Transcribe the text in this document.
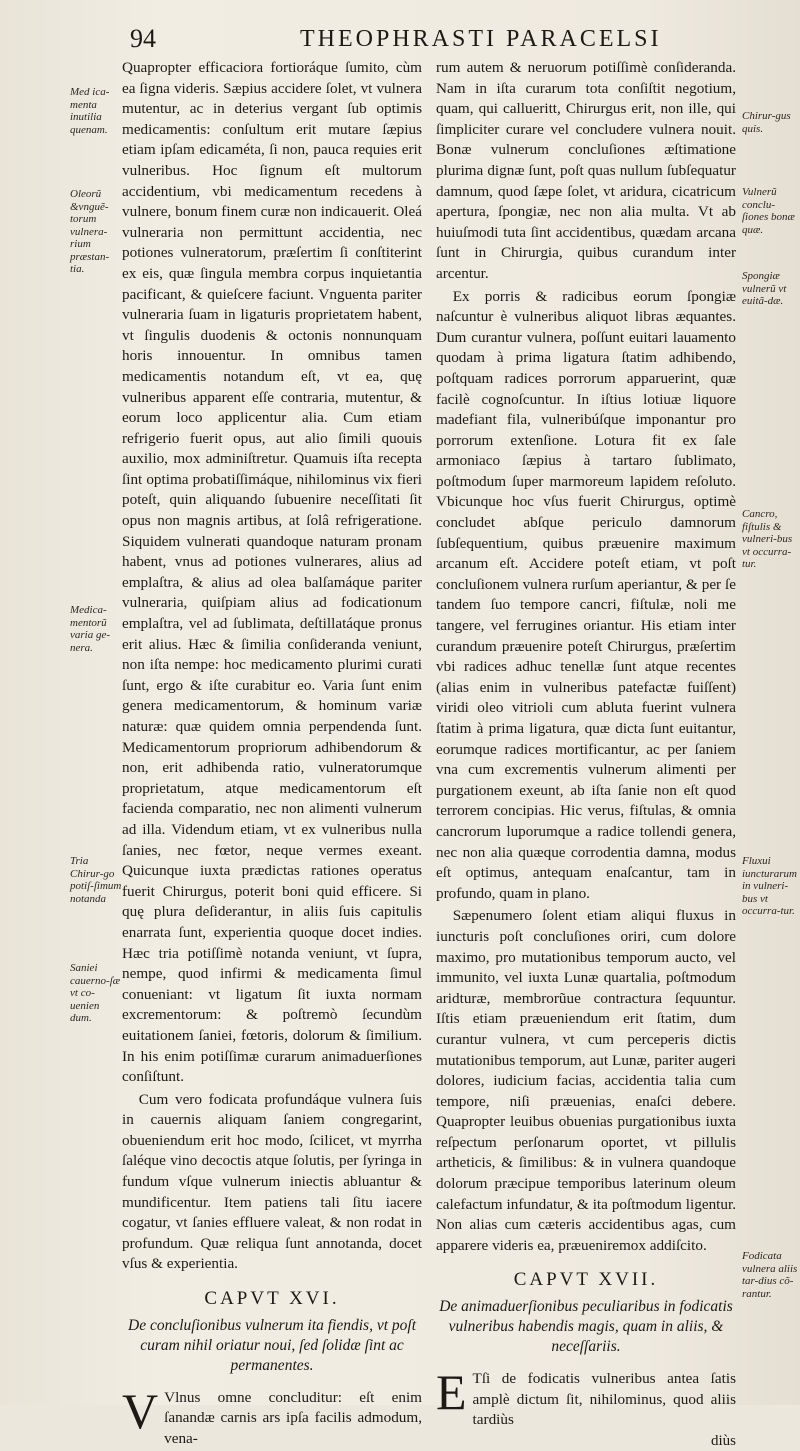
94	THEOPHRASTI PARACELSI
Med ica-menta inutilia quenam.
Oleorũ &vnguẽ-torum vulnera-rium præstan-tia.
Medica-mentorũ varia ge-nera.
Tria Chirur-go potiſ-ſimum notanda
Saniei cauerno-ſæ vt co-uenien dum.
Chirur-gus quis.
Vulnerũ conclu-ſiones bonæ quæ.
Spongiæ vulnerũ vt euitã-dæ.
Cancro, fiſtulis & vulneri-bus vt occurra-tur.
Fluxui iuncturarum in vulneri-bus vt occurra-tur.
Fodicata vulnera aliis tar-dius cõ-rantur.

Quapropter efficaciora fortioráque ſumito, cùm ea ſigna videris. Sæpius accidere ſolet, vt vulnera mutentur, ac in deterius vergant ſub optimis medicamentis: conſultum erit mutare ſæpius etiam ipſam edicaméta, ſi non, pauca requies erit vulneribus. Hoc ſignum eſt multorum accidentium, vbi medicamentum recedens à vulnere, bonum finem curæ non indicauerit. Oleá vulneraria non permittunt accidentia, nec potiones vulneratorum, præſertim ſi conſtiterint ex eis, quæ ſingula membra corpus inquietantia pacificant, & quieſcere faciunt. Vnguenta pariter vulneraria ſuam in ligaturis proprietatem habent, vt ſingulis duodenis & octonis nonnunquam horis innouentur. In omnibus tamen medicamentis notandum eſt, vt ea, quę vulneribus apparent eſſe contraria, mutentur, & eorum loco applicentur alia. Cum etiam refrigerio fuerit opus, aut alio ſimili quouis auxilio, mox adminiſtretur. Quamuis iſta recepta ſint optima probatiſſimáque, nihilominus vix fieri poteſt, quin aliquando ſubuenire neceſſitati ſit opus non magnis artibus, at ſolâ refrigeratione. Siquidem vulnerati quandoque naturam pronam habent, vnus ad potiones vulnerares, alius ad emplaſtra, & alius ad olea balſamáque pariter vulneraria, quiſpiam alius ad fodicationum emplaſtra, vel ad ſublimata, deſtillatáque pronus erit alius. Hæc & ſimilia conſideranda veniunt, non iſta nempe: hoc medicamento plurimi curati ſunt, ergo & iſte curabitur eo. Varia ſunt enim genera medicamentorum, & hominum variæ naturæ: quæ quidem omnia perpendenda ſunt. Medicamentorum propriorum adhibendorum & non, erit adhibenda ratio, vulneratorumque proprietatum, atque medicamentorum eſt facienda comparatio, nec non alimenti vulnerum ad illa. Videndum etiam, vt ex vulneribus nulla ſanies, nec fœtor, neque vermes exeant. Quicunque iuxta prædictas rationes operatus fuerit Chirurgus, poterit boni quid efficere. Si quę plura deſiderantur, in aliis ſuis capitulis enarrata ſunt, experientia quoque docet indies. Hæc tria potiſſimè notanda veniunt, vt ſupra, nempe, quod infirmi & medicamenta ſimul conueniant: vt ligatum ſit iuxta normam excrementorum: & poſtremò ſecundùm euitationem ſaniei, fœtoris, dolorum & ſimilium. In his enim potiſſimæ curarum animaduerſiones conſiſtunt.

Cum vero fodicata profundáque vulnera ſuis in cauernis aliquam ſaniem congregarint, obueniendum erit hoc modo, ſcilicet, vt myrrha ſaléque vino decoctis atque ſolutis, per ſyringa in fundum vſque vulnerum iniectis abluantur & mundificentur. Item patiens tali ſitu iacere cogatur, vt ſanies effluere valeat, & non rodat in profundum. Quæ reliqua ſunt annotanda, docet vſus & experientia.

CAPVT XVI.
De concluſionibus vulnerum ita fiendis, vt poſt curam nihil oriatur noui, ſed ſolidæ ſint ac permanentes.

V Vlnus omne concluditur: eſt enim ſanandæ carnis ars ipſa facilis admodum, vena-

rum autem & neruorum potiſſimè conſideranda. Nam in iſta curarum tota conſiſtit negotium, quam, qui callueritt, Chirurgus erit, non ille, qui ſimpliciter curare vel concludere vulnera nouit. Bonæ vulnerum concluſiones æſtimatione plurima dignæ ſunt, poſt quas nullum ſubſequatur damnum, quod ſæpe ſolet, vt aridura, cicatricum apertura, ſpongiæ, nec non alia multa. Vt ab huiuſmodi tuta ſint accidentibus, quædam arcana ſunt in Chirurgia, quibus curandum inter arcentur.

Ex porris & radicibus eorum ſpongiæ naſcuntur è vulneribus aliquot libras æquantes. Dum curantur vulnera, poſſunt euitari lauamento quodam à prima ligatura ſtatim adhibendo, poſtquam radices porrorum apparuerint, quæ facilè cognoſcuntur. In iſtius lotiuæ liquore madefiant fila, vulneribúſque imponantur pro porrorum extenſione. Lotura fit ex ſale armoniaco ſæpius à tartaro ſublimato, poſtmodum ſuper marmoreum lapidem reſoluto. Vbicunque hoc vſus fuerit Chirurgus, optimè concludet abſque periculo damnorum ſubſequentium, quibus præuenire maximum arcanum eſt. Accidere poteſt etiam, vt poſt concluſionem vulnera rurſum aperiantur, & per ſe tandem ſuo tempore cancri, fiſtulæ, noli me tangere, vel ferrugines oriantur. His etiam inter curandum præuenire poteſt Chirurgus, præſertim vbi radices adhuc tenellæ ſunt atque recentes (alias enim in vulneribus patefactæ fuiſſent) viridi oleo vitrioli cum abluta fuerint vulnera ſtatim à prima ligatura, quæ dicta ſunt euitantur, eorumque radices mortificantur, ac per ſaniem vna cum excrementis vulnerum alimenti per purgationem exeunt, ab iſta ſanie non eſt quod terrorem concipias. Hic verus, fiſtulas, & omnia cancrorum luporumque a radice tollendi genera, nec non alia quæque corrodentia damna, modus eſt optimus, antequam enaſcantur, tam in profundo, quam in plano.

Sæpenumero ſolent etiam aliqui fluxus in iuncturis poſt concluſiones oriri, cum dolore maximo, pro mutationibus temporum aucto, vel immunito, vel iuxta Lunæ quartalia, poſtmodum aridturæ, membrorũue contractura ſequuntur. Iſtis etiam præueniendum erit ſtatim, dum curantur vulnera, vt cum perceperis dictis mutationibus temporum, aut Lunæ, pariter augeri dolores, iudicium facias, accidentia talia cum tempore, niſi præuenias, enaſci debere. Quapropter leuibus obuenias purgationibus iuxta reſpectum perſonarum oportet, vt pillulis artheticis, & ſimilibus: & in vulnera quandoque dolorum præcipue temporibus laterinum oleum calefactum infundatur, & ita poſtmodum ligentur. Non alias cum cæteris accidentibus agas, cum apparere videris ea, præueniremox addiſcito.

CAPVT XVII.
De animaduerſionibus peculiaribus in fodicatis vulneribus habendis magis, quam in aliis, & neceſſariis.

E Tſi de fodicatis vulneribus antea ſatis amplè dictum ſit, nihilominus, quod aliis tardiùs

diùs
